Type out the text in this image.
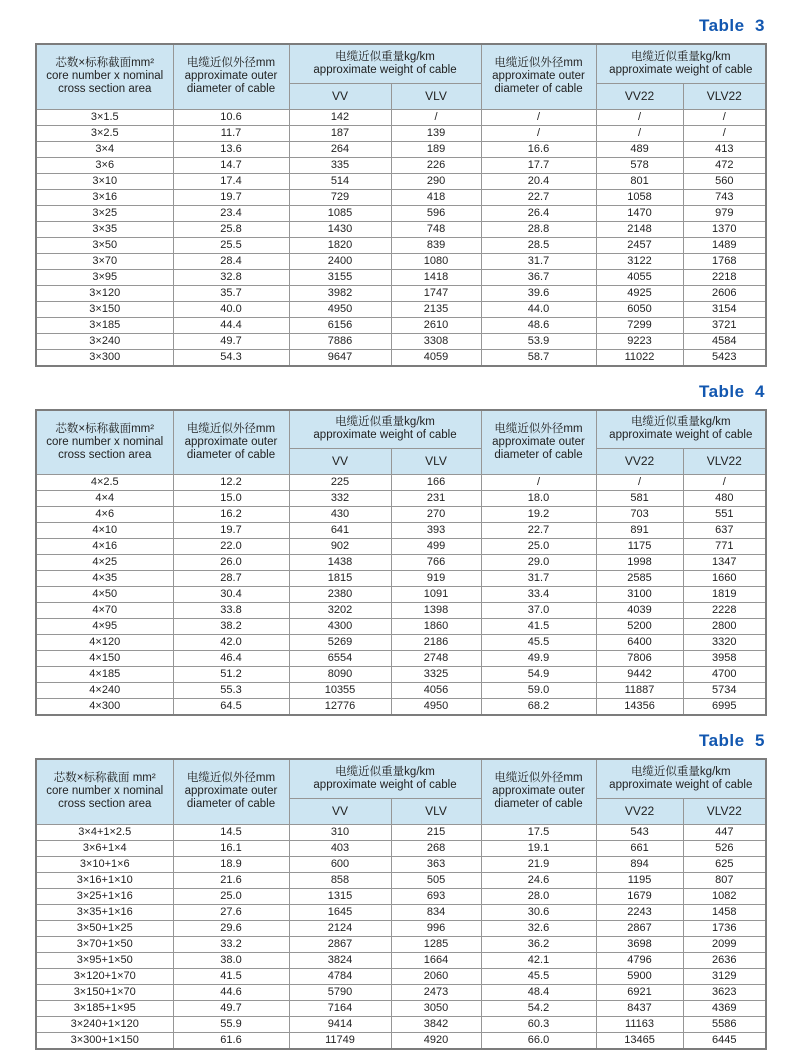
Table  3
芯数×标称截面mm²
core number x nominal
cross section area	电缆近似外径mm
approximate outer
diameter of cable	电缆近似重量kg/km
approximate weight of cable		电缆近似外径mm
approximate outer
diameter of cable	电缆近似重量kg/km
approximate weight of cable	

		VV	VLV		VV22	VLV22
3×1.5	10.6	142	/	/	/	/
3×2.5	11.7	187	139	/	/	/
3×4	13.6	264	189	16.6	489	413
3×6	14.7	335	226	17.7	578	472
3×10	17.4	514	290	20.4	801	560
3×16	19.7	729	418	22.7	1058	743
3×25	23.4	1085	596	26.4	1470	979
3×35	25.8	1430	748	28.8	2148	1370
3×50	25.5	1820	839	28.5	2457	1489
3×70	28.4	2400	1080	31.7	3122	1768
3×95	32.8	3155	1418	36.7	4055	2218
3×120	35.7	3982	1747	39.6	4925	2606
3×150	40.0	4950	2135	44.0	6050	3154
3×185	44.4	6156	2610	48.6	7299	3721
3×240	49.7	7886	3308	53.9	9223	4584
3×300	54.3	9647	4059	58.7	11022	5423
Table  4
芯数×标称截面mm²
core number x nominal
cross section area	电缆近似外径mm
approximate outer
diameter of cable	电缆近似重量kg/km
approximate weight of cable		电缆近似外径mm
approximate outer
diameter of cable	电缆近似重量kg/km
approximate weight of cable	

		VV	VLV		VV22	VLV22
4×2.5	12.2	225	166	/	/	/
4×4	15.0	332	231	18.0	581	480
4×6	16.2	430	270	19.2	703	551
4×10	19.7	641	393	22.7	891	637
4×16	22.0	902	499	25.0	1175	771
4×25	26.0	1438	766	29.0	1998	1347
4×35	28.7	1815	919	31.7	2585	1660
4×50	30.4	2380	1091	33.4	3100	1819
4×70	33.8	3202	1398	37.0	4039	2228
4×95	38.2	4300	1860	41.5	5200	2800
4×120	42.0	5269	2186	45.5	6400	3320
4×150	46.4	6554	2748	49.9	7806	3958
4×185	51.2	8090	3325	54.9	9442	4700
4×240	55.3	10355	4056	59.0	11887	5734
4×300	64.5	12776	4950	68.2	14356	6995
Table  5
芯数×标称截面 mm²
core number x nominal
cross section area	电缆近似外径mm
approximate outer
diameter of cable	电缆近似重量kg/km
approximate weight of cable		电缆近似外径mm
approximate outer
diameter of cable	电缆近似重量kg/km
approximate weight of cable	

		VV	VLV		VV22	VLV22
3×4+1×2.5	14.5	310	215	17.5	543	447
3×6+1×4	16.1	403	268	19.1	661	526
3×10+1×6	18.9	600	363	21.9	894	625
3×16+1×10	21.6	858	505	24.6	1195	807
3×25+1×16	25.0	1315	693	28.0	1679	1082
3×35+1×16	27.6	1645	834	30.6	2243	1458
3×50+1×25	29.6	2124	996	32.6	2867	1736
3×70+1×50	33.2	2867	1285	36.2	3698	2099
3×95+1×50	38.0	3824	1664	42.1	4796	2636
3×120+1×70	41.5	4784	2060	45.5	5900	3129
3×150+1×70	44.6	5790	2473	48.4	6921	3623
3×185+1×95	49.7	7164	3050	54.2	8437	4369
3×240+1×120	55.9	9414	3842	60.3	11163	5586
3×300+1×150	61.6	11749	4920	66.0	13465	6445
